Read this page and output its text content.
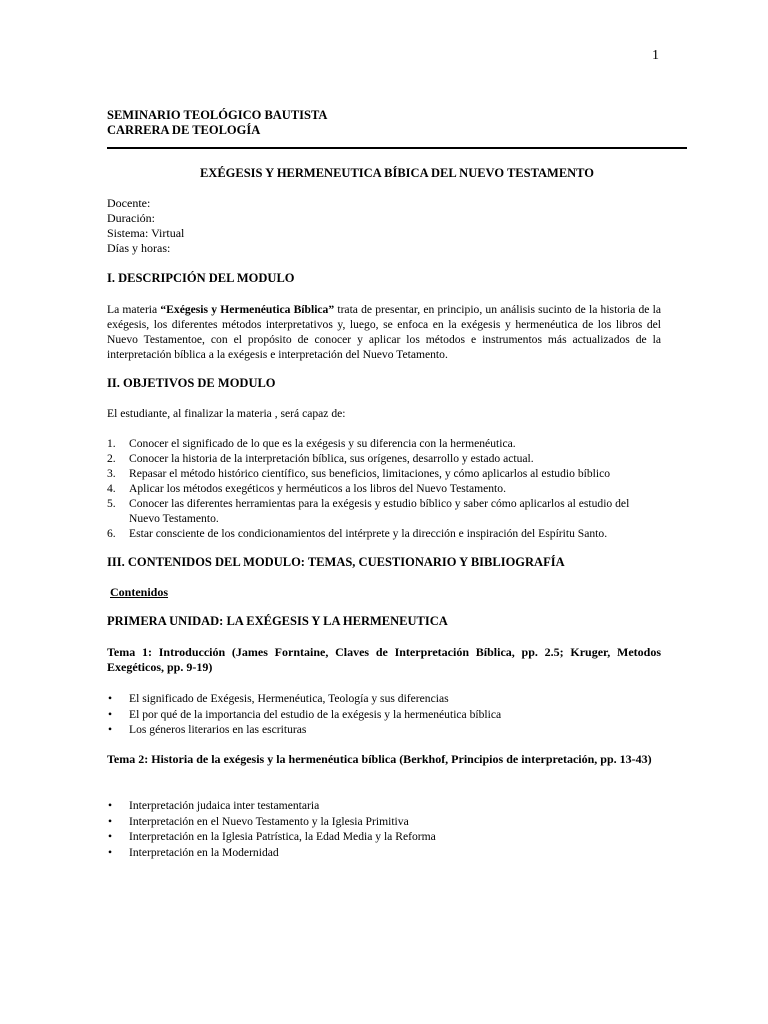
1
SEMINARIO TEOLÓGICO BAUTISTA
CARRERA DE TEOLOGÍA
EXÉGESIS Y HERMENEUTICA BÍBICA DEL NUEVO TESTAMENTO
Docente:
Duración:
Sistema: Virtual
Días y horas:
I. DESCRIPCIÓN DEL MODULO
La materia “Exégesis y Hermenéutica Bíblica” trata de presentar, en principio, un análisis sucinto de la historia de la exégesis, los diferentes métodos interpretativos y, luego, se enfoca en la exégesis y hermenéutica de los libros del Nuevo Testamentoe, con el propósito de conocer y aplicar los métodos e instrumentos más actualizados de la interpretación bíblica a la exégesis e interpretación del Nuevo Tetamento.
II. OBJETIVOS DE MODULO
El estudiante, al finalizar la materia , será capaz de:
1. Conocer el significado de lo que es la exégesis y su diferencia con la hermenéutica.
2. Conocer la historia de la interpretación bíblica, sus orígenes, desarrollo y estado actual.
3. Repasar el método histórico científico, sus beneficios, limitaciones, y cómo aplicarlos al estudio bíblico
4. Aplicar los métodos exegéticos y herméuticos a los libros del Nuevo Testamento.
5. Conocer las diferentes herramientas para la exégesis y estudio bíblico y saber cómo aplicarlos al estudio del Nuevo Testamento.
6. Estar consciente de los condicionamientos del intérprete y la dirección e inspiración del Espíritu Santo.
III. CONTENIDOS DEL MODULO: TEMAS, CUESTIONARIO Y BIBLIOGRAFÍA
Contenidos
PRIMERA UNIDAD: LA EXÉGESIS Y LA HERMENEUTICA
Tema 1: Introducción (James Forntaine, Claves de Interpretación Bíblica, pp. 2.5; Kruger, Metodos Exegéticos, pp. 9-19)
• El significado de Exégesis, Hermenéutica, Teología y sus diferencias
• El por qué de la importancia del estudio de la exégesis y la hermenéutica bíblica
• Los géneros literarios en las escrituras
Tema 2: Historia de la exégesis y la hermenéutica bíblica (Berkhof, Principios de interpretación, pp. 13-43)
• Interpretación judaica inter testamentaria
• Interpretación en el Nuevo Testamento y la Iglesia Primitiva
• Interpretación en la Iglesia Patrística, la Edad Media y la Reforma
• Interpretación en la Modernidad
